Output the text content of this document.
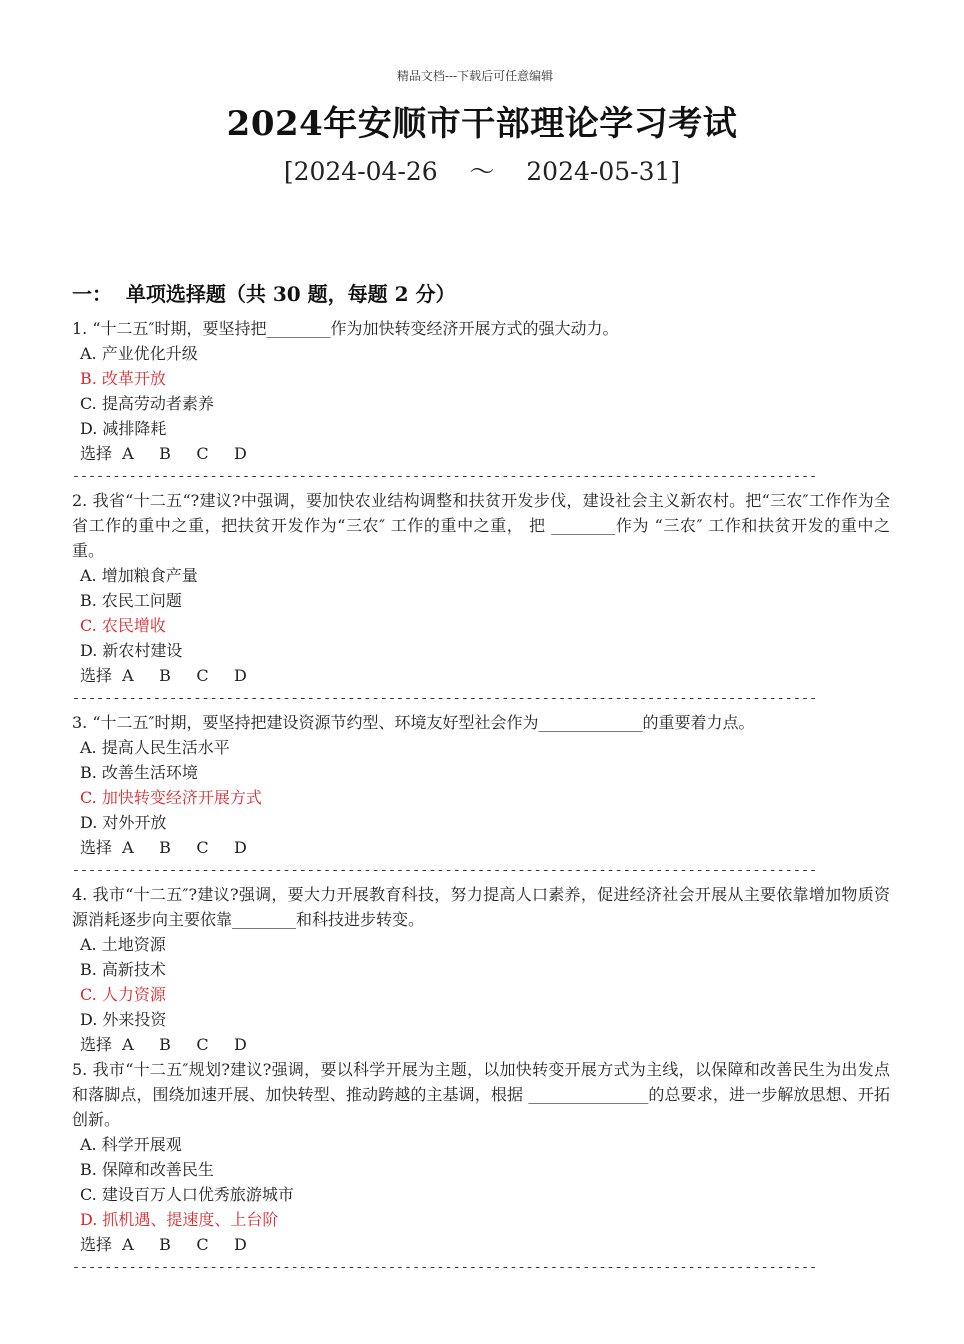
精品文档---下载后可任意编辑
2024年安顺市干部理论学习考试
[2024-04-26    ～    2024-05-31]
一：  单项选择题（共 30 题，每题 2 分）
1. “十二五″时期，要坚持把________作为加快转变经济开展方式的强大动力。
A. 产业优化升级
B. 改革开放
C. 提高劳动者素养
D. 减排降耗
选择  A     B     C     D
--------------------------------------------------------------------------------------------
2. 我省“十二五“?建议?中强调，要加快农业结构调整和扶贫开发步伐，建设社会主义新农村。把“三农″工作作为全省工作的重中之重，把扶贫开发作为“三农″ 工作的重中之重， 把 ________作为 “三农″ 工作和扶贫开发的重中之重。
A. 增加粮食产量
B. 农民工问题
C. 农民增收
D. 新农村建设
选择  A     B     C     D
--------------------------------------------------------------------------------------------
3. “十二五″时期，要坚持把建设资源节约型、环境友好型社会作为_____________的重要着力点。
A. 提高人民生活水平
B. 改善生活环境
C. 加快转变经济开展方式
D. 对外开放
选择  A     B     C     D
--------------------------------------------------------------------------------------------
4. 我市“十二五″?建议?强调，要大力开展教育科技，努力提高人口素养，促进经济社会开展从主要依靠增加物质资源消耗逐步向主要依靠________和科技进步转变。
A. 土地资源
B. 高新技术
C. 人力资源
D. 外来投资
选择  A     B     C     D
5. 我市“十二五″规划?建议?强调，要以科学开展为主题，以加快转变开展方式为主线，以保障和改善民生为出发点和落脚点，围绕加速开展、加快转型、推动跨越的主基调，根据 _______________的总要求，进一步解放思想、开拓创新。
A. 科学开展观
B. 保障和改善民生
C. 建设百万人口优秀旅游城市
D. 抓机遇、提速度、上台阶
选择  A     B     C     D
--------------------------------------------------------------------------------------------
